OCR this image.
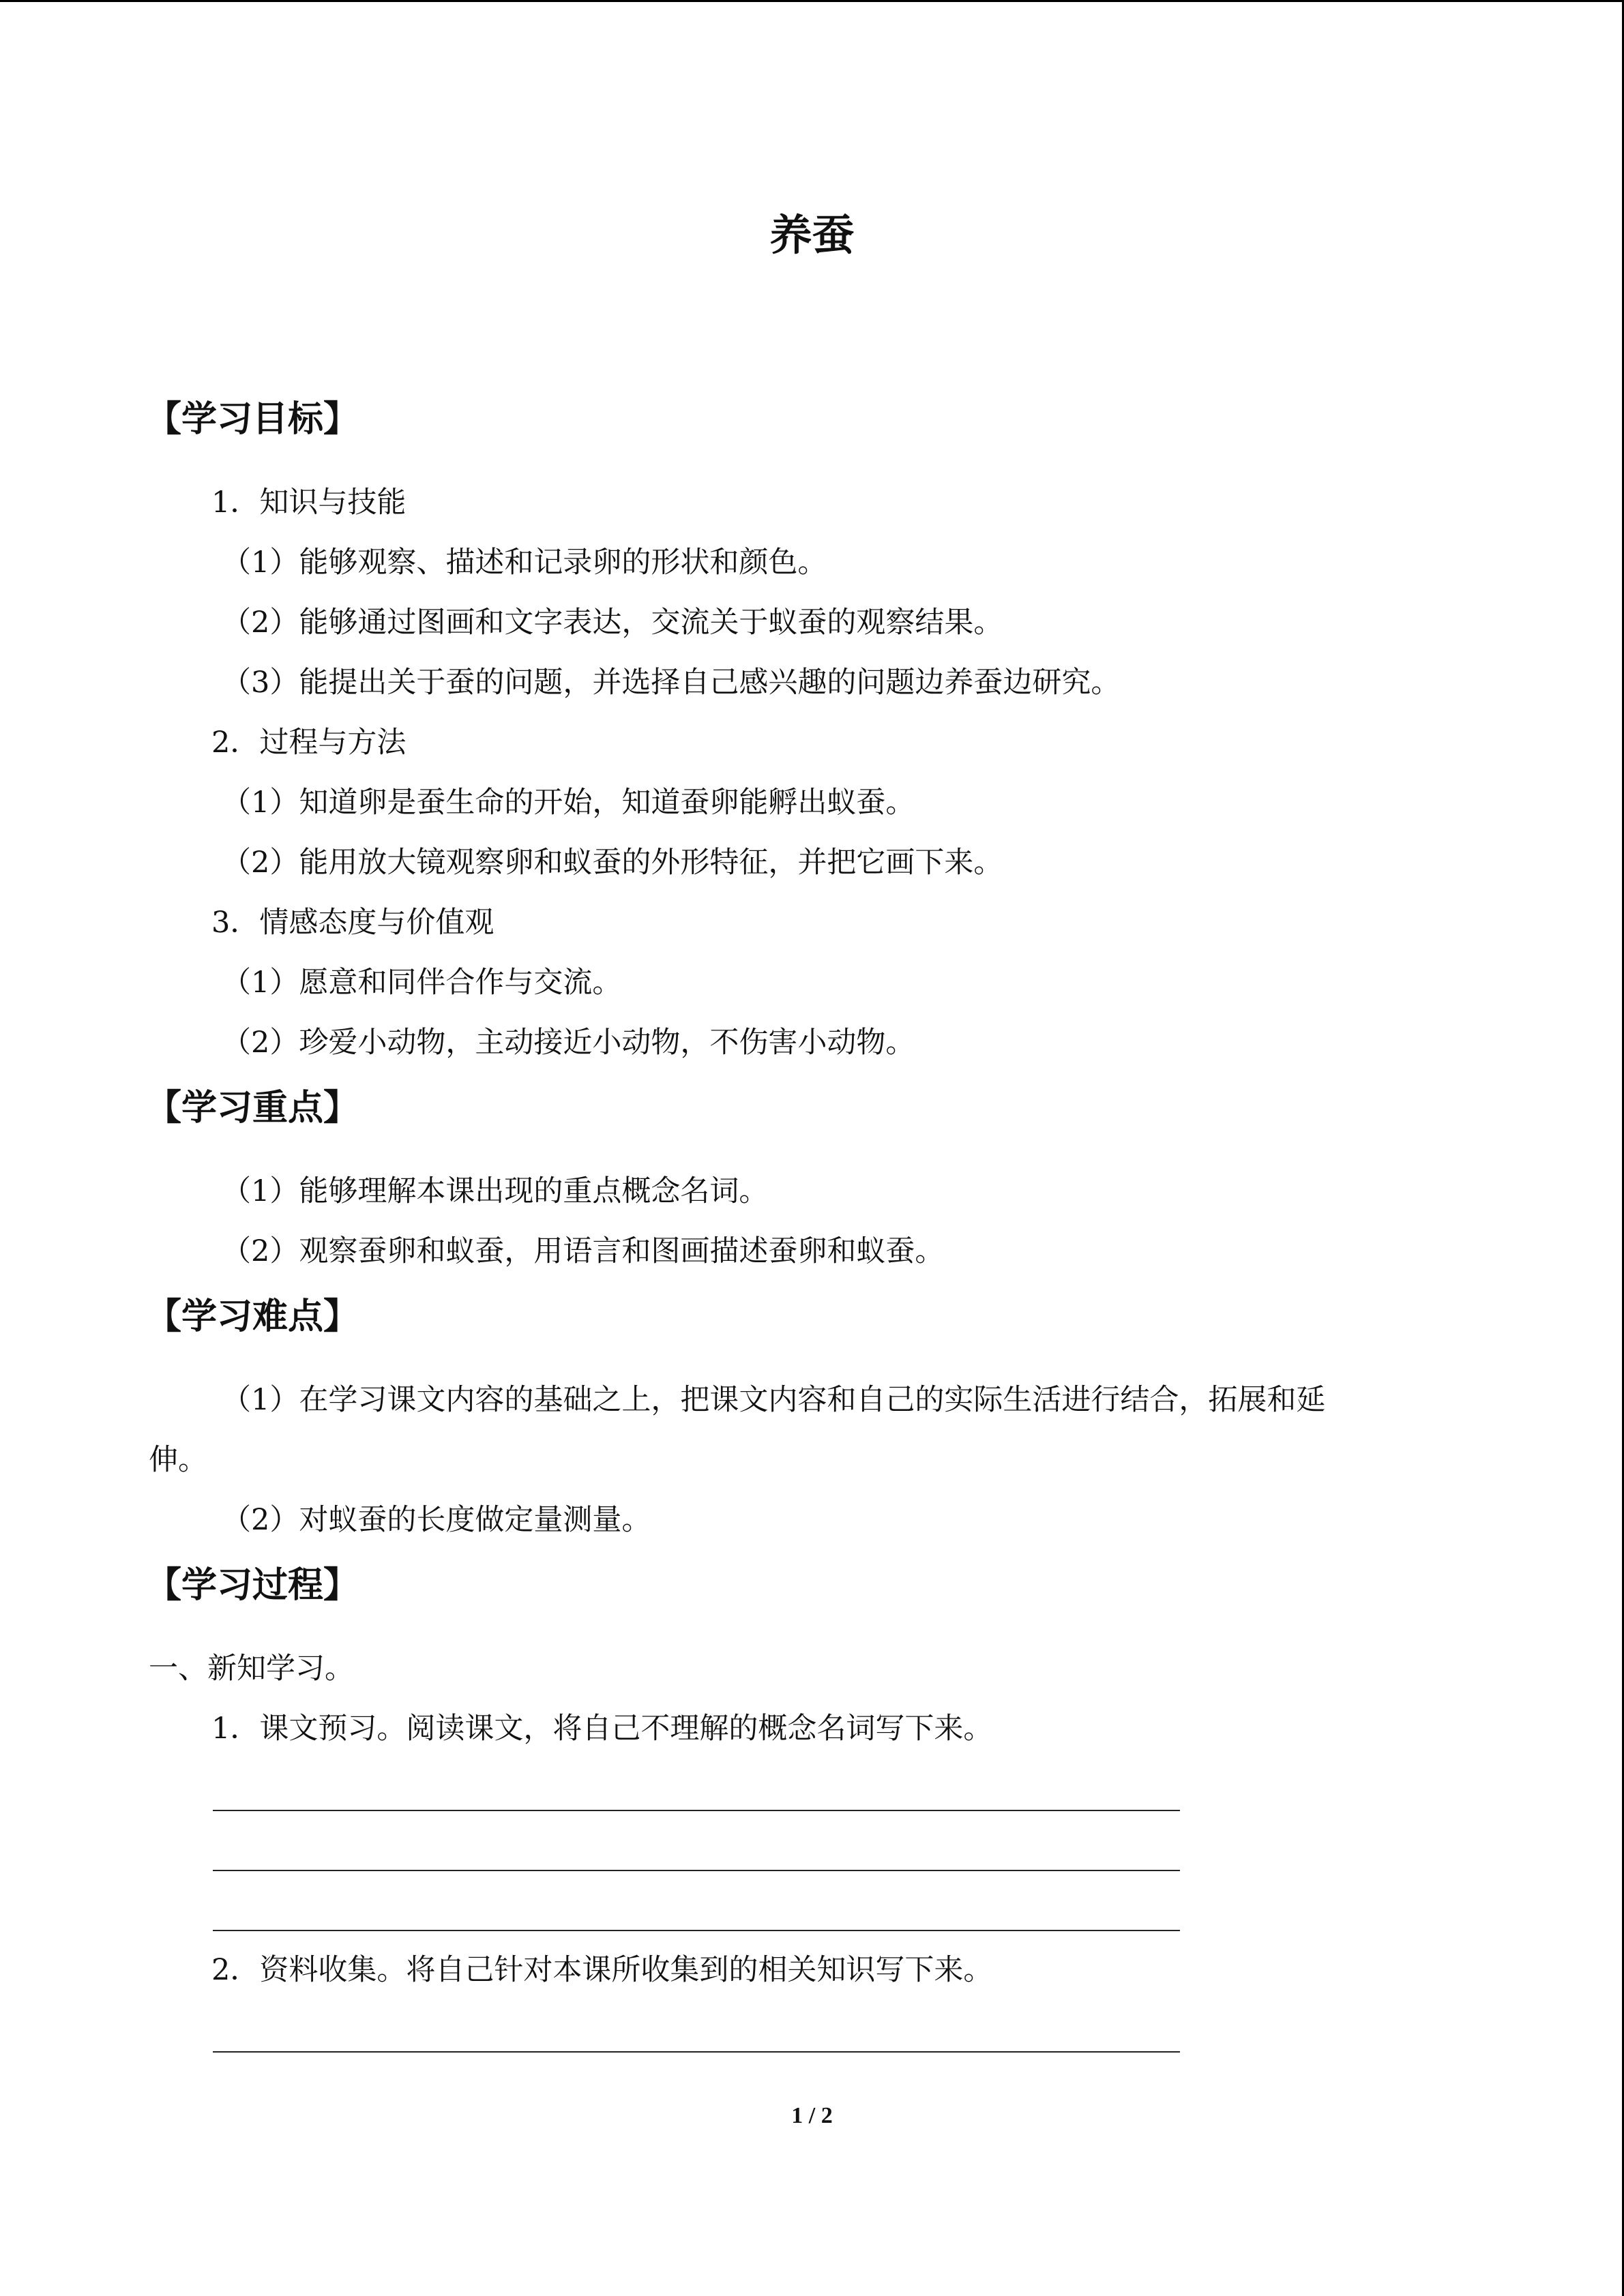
养蚕
【学习目标】

1．知识与技能

（1）能够观察、描述和记录卵的形状和颜色。

（2）能够通过图画和文字表达，交流关于蚁蚕的观察结果。

（3）能提出关于蚕的问题，并选择自己感兴趣的问题边养蚕边研究。

2．过程与方法

（1）知道卵是蚕生命的开始，知道蚕卵能孵出蚁蚕。

（2）能用放大镜观察卵和蚁蚕的外形特征，并把它画下来。

3．情感态度与价值观

（1）愿意和同伴合作与交流。

（2）珍爱小动物，主动接近小动物，不伤害小动物。

【学习重点】

（1）能够理解本课出现的重点概念名词。

（2）观察蚕卵和蚁蚕，用语言和图画描述蚕卵和蚁蚕。

【学习难点】

（1）在学习课文内容的基础之上，把课文内容和自己的实际生活进行结合，拓展和延

伸。

（2）对蚁蚕的长度做定量测量。

【学习过程】

一、新知学习。

1．课文预习。阅读课文，将自己不理解的概念名词写下来。

2．资料收集。将自己针对本课所收集到的相关知识写下来。

1 / 2
